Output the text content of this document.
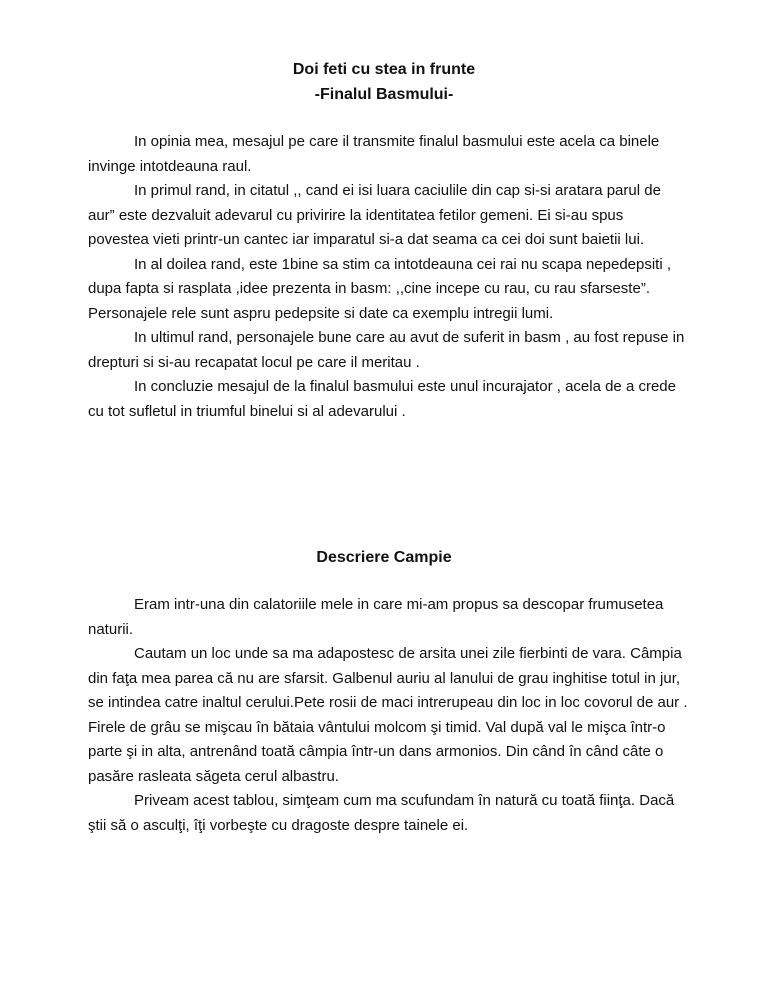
Doi feti cu stea in frunte
-Finalul Basmului-

In opinia mea, mesajul pe care il transmite finalul basmului este acela ca binele invinge intotdeauna raul.

In primul rand, in citatul ,, cand ei isi luara caciulile din cap si-si aratara parul de aur” este dezvaluit adevarul cu privirire la identitatea fetilor gemeni. Ei si-au spus povestea vieti printr-un cantec iar imparatul si-a dat seama ca cei doi sunt baietii lui.

In al doilea rand, este 1bine sa stim ca intotdeauna cei rai nu scapa nepedepsiti , dupa fapta si rasplata ,idee prezenta in basm: ,,cine incepe cu rau, cu rau sfarseste”. Personajele rele sunt aspru pedepsite si date ca exemplu intregii lumi.

In ultimul rand, personajele bune care au avut de suferit in basm , au fost repuse in drepturi si si-au recapatat locul pe care il meritau .

In concluzie mesajul de la finalul basmului este unul incurajator , acela de a crede cu tot sufletul in triumful binelui si al adevarului .

Descriere Campie

Eram intr-una din calatoriile mele in care mi-am propus sa descopar frumusetea naturii.

Cautam un loc unde sa ma adapostesc de arsita unei zile fierbinti de vara. Câmpia din faţa mea parea că nu are sfarsit. Galbenul auriu al lanului de grau inghitise totul in jur, se intindea catre inaltul cerului.Pete rosii de maci intrerupeau din loc in loc covorul de aur . Firele de grâu se mişcau în bătaia vântului molcom şi timid. Val după val le mişca într-o parte şi in alta, antrenând toată câmpia într-un dans armonios. Din când în când câte o pasăre rasleata săgeta cerul albastru.

Priveam acest tablou, simţeam cum ma scufundam în natură cu toată fiinţa. Dacă ştii să o asculţi, îţi vorbeşte cu dragoste despre tainele ei.
